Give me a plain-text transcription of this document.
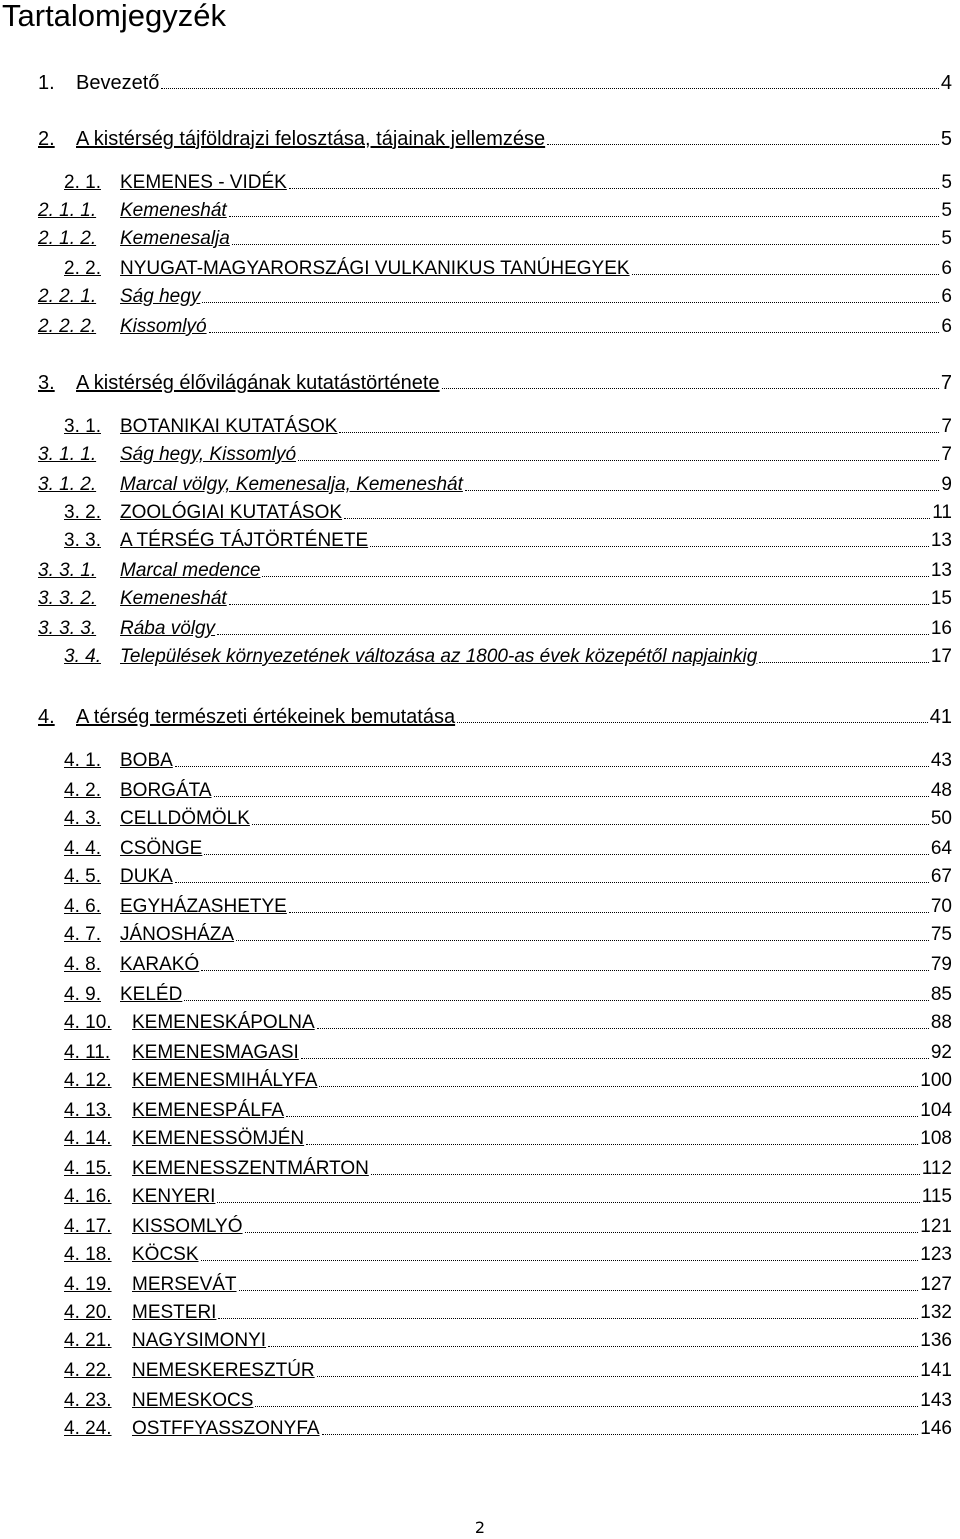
Tartalomjegyzék
1.	Bevezető	4
2.	A kistérség tájföldrajzi felosztása, tájainak jellemzése	5
2. 1.	KEMENES - VIDÉK	5
2. 1. 1.	Kemeneshát	5
2. 1. 2.	Kemenesalja	5
2. 2.	NYUGAT-MAGYARORSZÁGI VULKANIKUS TANÚHEGYEK	6
2. 2. 1.	Ság hegy	6
2. 2. 2.	Kissomlyó	6
3.	A kistérség élővilágának kutatástörténete	7
3. 1.	BOTANIKAI KUTATÁSOK	7
3. 1. 1.	Ság hegy, Kissomlyó	7
3. 1. 2.	Marcal völgy, Kemenesalja, Kemeneshát	9
3. 2.	ZOOLÓGIAI KUTATÁSOK	11
3. 3.	A TÉRSÉG TÁJTÖRTÉNETE	13
3. 3. 1.	Marcal medence	13
3. 3. 2.	Kemeneshát	15
3. 3. 3.	Rába völgy	16
3. 4.	Települések környezetének változása az 1800-as évek közepétől napjainkig	17
4.	A térség természeti értékeinek bemutatása	41
4. 1.	BOBA	43
4. 2.	BORGÁTA	48
4. 3.	CELLDÖMÖLK	50
4. 4.	CSÖNGE	64
4. 5.	DUKA	67
4. 6.	EGYHÁZASHETYE	70
4. 7.	JÁNOSHÁZA	75
4. 8.	KARAKÓ	79
4. 9.	KELÉD	85
4. 10.	KEMENESKÁPOLNA	88
4. 11.	KEMENESMAGASI	92
4. 12.	KEMENESMIHÁLYFA	100
4. 13.	KEMENESPÁLFA	104
4. 14.	KEMENESSÖMJÉN	108
4. 15.	KEMENESSZENTMÁRTON	112
4. 16.	KENYERI	115
4. 17.	KISSOMLYÓ	121
4. 18.	KÖCSK	123
4. 19.	MERSEVÁT	127
4. 20.	MESTERI	132
4. 21.	NAGYSIMONYI	136
4. 22.	NEMESKERESZTÚR	141
4. 23.	NEMESKOCS	143
4. 24.	OSTFFYASSZONYFA	146
2
